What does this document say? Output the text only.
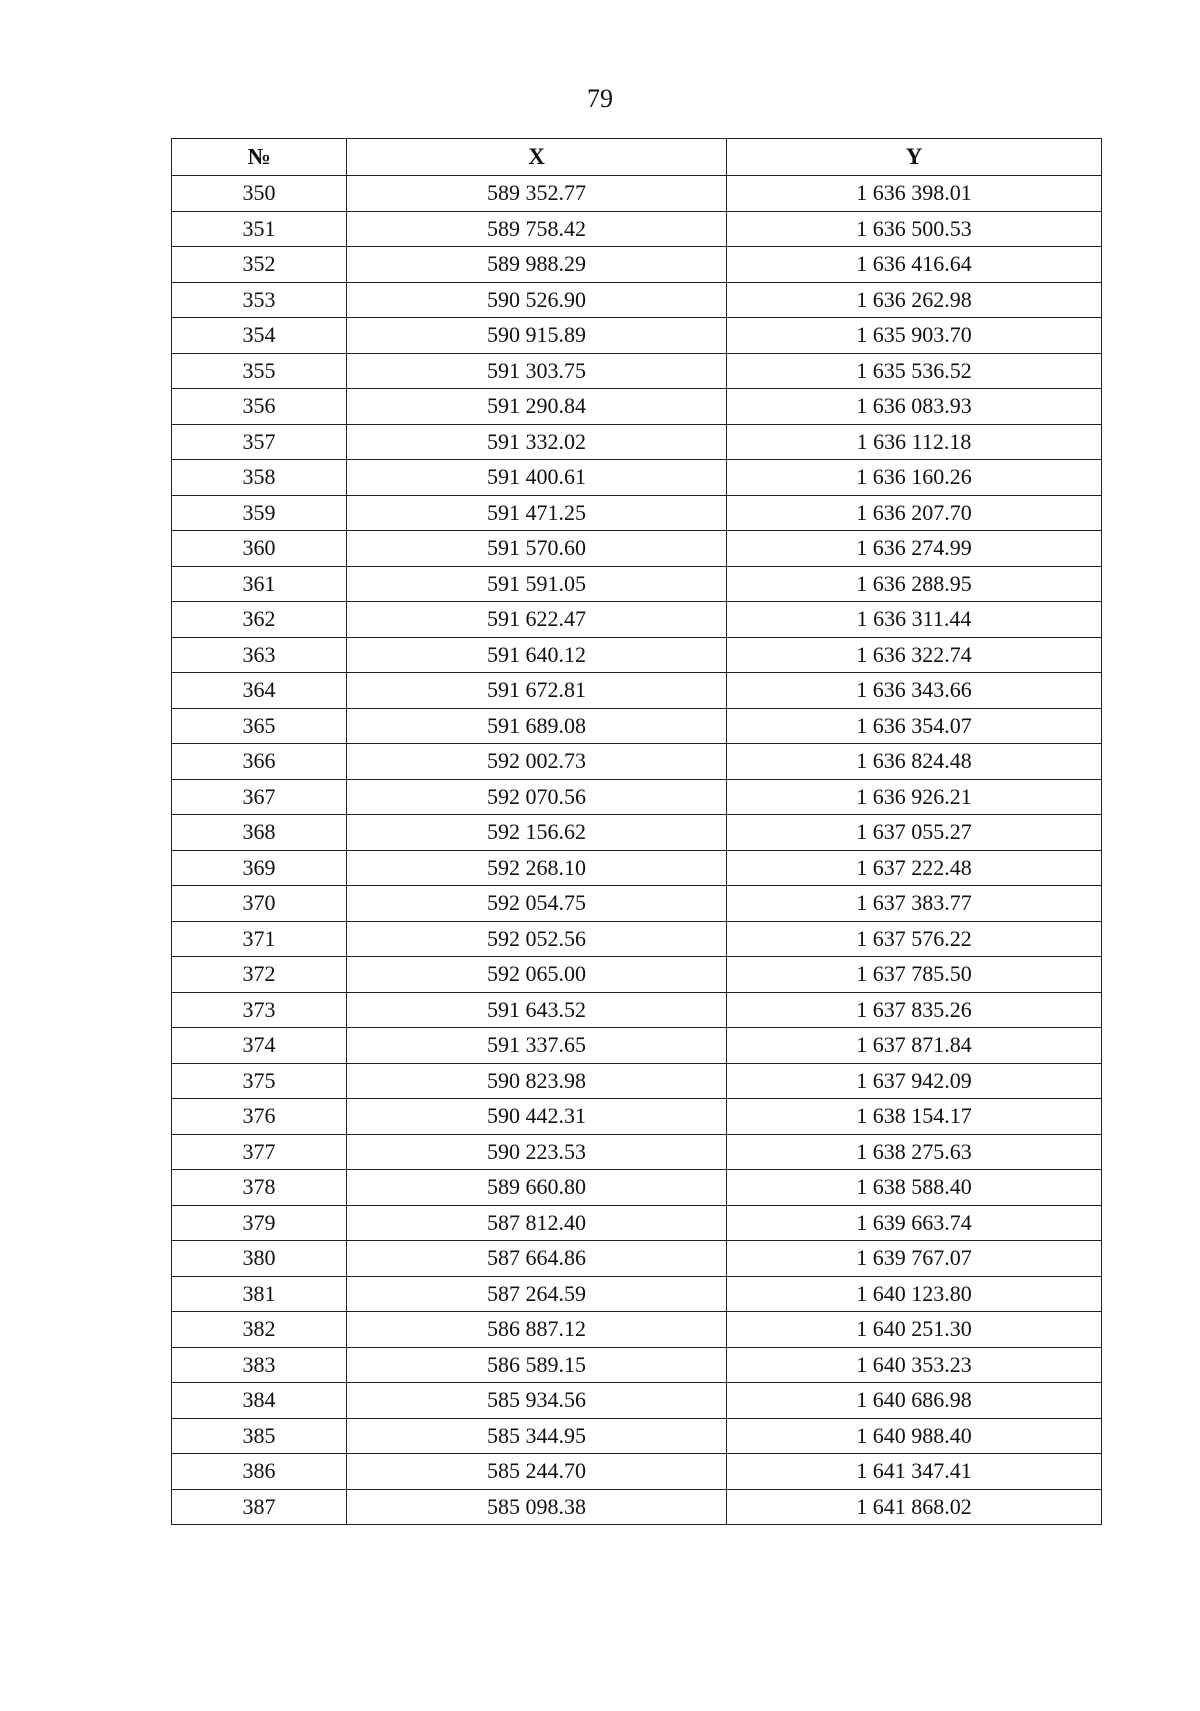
79
№	X	Y
350	589 352.77	1 636 398.01
351	589 758.42	1 636 500.53
352	589 988.29	1 636 416.64
353	590 526.90	1 636 262.98
354	590 915.89	1 635 903.70
355	591 303.75	1 635 536.52
356	591 290.84	1 636 083.93
357	591 332.02	1 636 112.18
358	591 400.61	1 636 160.26
359	591 471.25	1 636 207.70
360	591 570.60	1 636 274.99
361	591 591.05	1 636 288.95
362	591 622.47	1 636 311.44
363	591 640.12	1 636 322.74
364	591 672.81	1 636 343.66
365	591 689.08	1 636 354.07
366	592 002.73	1 636 824.48
367	592 070.56	1 636 926.21
368	592 156.62	1 637 055.27
369	592 268.10	1 637 222.48
370	592 054.75	1 637 383.77
371	592 052.56	1 637 576.22
372	592 065.00	1 637 785.50
373	591 643.52	1 637 835.26
374	591 337.65	1 637 871.84
375	590 823.98	1 637 942.09
376	590 442.31	1 638 154.17
377	590 223.53	1 638 275.63
378	589 660.80	1 638 588.40
379	587 812.40	1 639 663.74
380	587 664.86	1 639 767.07
381	587 264.59	1 640 123.80
382	586 887.12	1 640 251.30
383	586 589.15	1 640 353.23
384	585 934.56	1 640 686.98
385	585 344.95	1 640 988.40
386	585 244.70	1 641 347.41
387	585 098.38	1 641 868.02
